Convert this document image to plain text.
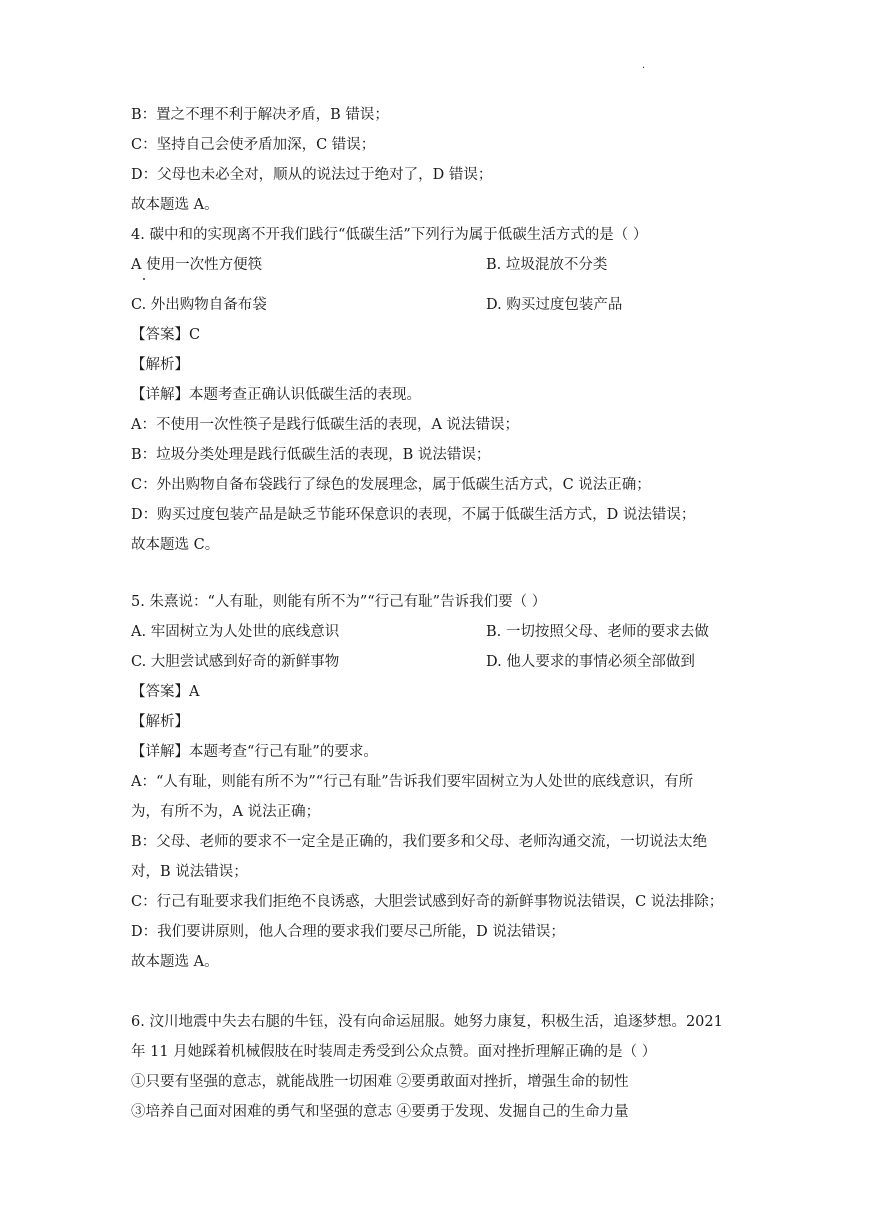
.
B：置之不理不利于解决矛盾，B 错误；
C：坚持自己会使矛盾加深，C 错误；
D：父母也未必全对，顺从的说法过于绝对了，D 错误；
故本题选 A。
4. 碳中和的实现离不开我们践行“低碳生活”下列行为属于低碳生活方式的是（ ）
A 使用一次性方便筷	B. 垃圾混放不分类
C. 外出购物自备布袋	D. 购买过度包装产品
【答案】C
【解析】
【详解】本题考查正确认识低碳生活的表现。
A：不使用一次性筷子是践行低碳生活的表现，A 说法错误；
B：垃圾分类处理是践行低碳生活的表现，B 说法错误；
C：外出购物自备布袋践行了绿色的发展理念，属于低碳生活方式，C 说法正确；
D：购买过度包装产品是缺乏节能环保意识的表现，不属于低碳生活方式，D 说法错误；
故本题选 C。
5. 朱熹说：“人有耻，则能有所不为”“行己有耻”告诉我们要（ ）
A. 牢固树立为人处世的底线意识	B. 一切按照父母、老师的要求去做
C. 大胆尝试感到好奇的新鲜事物	D. 他人要求的事情必须全部做到
【答案】A
【解析】
【详解】本题考查“行己有耻”的要求。
A：“人有耻，则能有所不为”“行己有耻”告诉我们要牢固树立为人处世的底线意识，有所
为，有所不为，A 说法正确；
B：父母、老师的要求不一定全是正确的，我们要多和父母、老师沟通交流，一切说法太绝
对，B 说法错误；
C：行己有耻要求我们拒绝不良诱惑，大胆尝试感到好奇的新鲜事物说法错误，C 说法排除；
D：我们要讲原则，他人合理的要求我们要尽己所能，D 说法错误；
故本题选 A。
6. 汶川地震中失去右腿的牛钰，没有向命运屈服。她努力康复，积极生活，追逐梦想。2021
年 11 月她踩着机械假肢在时装周走秀受到公众点赞。面对挫折理解正确的是（ ）
①只要有坚强的意志，就能战胜一切困难 ②要勇敢面对挫折，增强生命的韧性
③培养自己面对困难的勇气和坚强的意志 ④要勇于发现、发掘自己的生命力量
